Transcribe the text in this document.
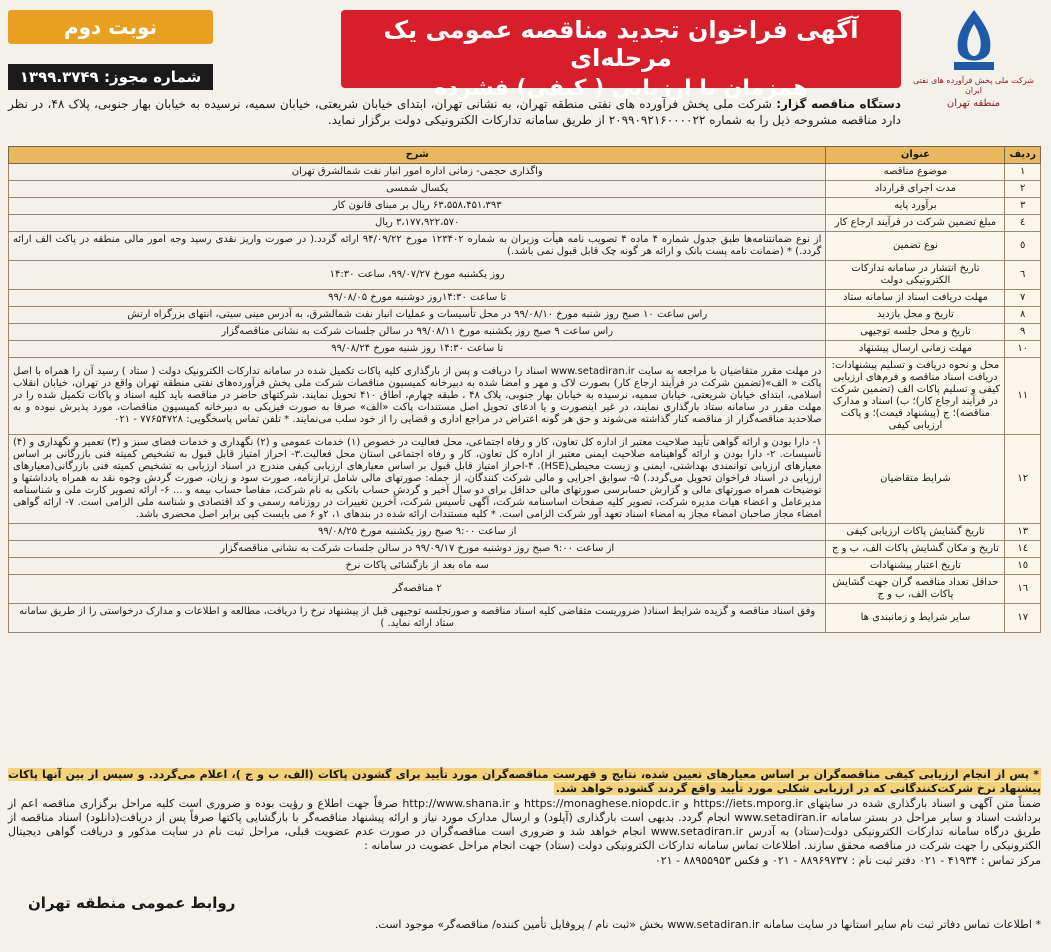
شرکت ملی پخش فرآورده های نفتی ایران
منطقه تهران
آگهی فراخوان تجدید مناقصه عمومی یک مرحله‌ای
همزمان با ارزیابی ( کیفی) فشرده
نوبت دوم
شماره مجوز: ۱۳۹۹.۳۷۴۹
دستگاه مناقصه گزار: شرکت ملی پخش فرآورده های نفتی منطقه تهران، به نشانی تهران، ابتدای خیابان شریعتی، خیابان سمیه، نرسیده به خیابان بهار جنوبی، پلاک ۴۸، در نظر دارد مناقصه مشروحه ذیل را به شماره ۲۰۹۹۰۹۲۱۶۰۰۰۰۲۲ از طریق سامانه تدارکات الکترونیکی دولت برگزار نماید.
ردیف	عنوان	شرح
۱	موضوع مناقصه	واگذاری حجمی- زمانی اداره امور انبار نفت شمالشرق تهران
۲	مدت اجرای قرارداد	یکسال شمسی
۳	برآورد پایه	۶۳،۵۵۸،۴۵۱،۳۹۳ ریال بر مبنای قانون کار
٤	مبلغ تضمین شرکت در فرآیند ارجاع کار	۳،۱۷۷،۹۲۲،۵۷۰ ریال
٥	نوع تضمین	از نوع ضمانتنامه‌ها طبق جدول شماره ۴ ماده ۴ تصویب نامه هیأت وزیران به شماره ۱۲۳۴۰۲ مورخ ۹۴/۰۹/۲۲ ارائه گردد.( در صورت واریز نقدی رسید وجه امور مالی منطقه در پاکت الف ارائه گردد.) * (ضمانت نامه پست بانک و ارائه هر گونه چک قابل قبول نمی باشد.)
٦	تاریخ انتشار در سامانه تدارکات الکترونیکی دولت	روز یکشنبه مورخ ۹۹/۰۷/۲۷، ساعت ۱۴:۳۰
۷	مهلت دریافت اسناد از سامانه ستاد	تا ساعت ۱۴:۳۰روز دوشنبه مورخ ۹۹/۰۸/۰۵
۸	تاریخ و محل بازدید	راس ساعت ۱۰ صبح روز شنبه مورخ ۹۹/۰۸/۱۰ در محل تأسیسات و عملیات انبار نفت شمالشرق، به آدرس مینی سیتی، انتهای بزرگراه ارتش
۹	تاریخ و محل جلسه توجیهی	راس ساعت ۹ صبح روز یکشنبه مورخ ۹۹/۰۸/۱۱ در سالن جلسات شرکت به نشانی مناقصه‌گزار
۱۰	مهلت زمانی ارسال پیشنهاد	تا ساعت ۱۴:۳۰ روز شنبه مورخ ۹۹/۰۸/۲۴
۱۱	محل و نحوه دریافت و تسلیم پیشنهادات: دریافت اسناد مناقصه و فرم‌های ارزیابی کیفی و تسلیم پاکات الف (تضمین شرکت در فرآیند ارجاع کار)؛ ب) اسناد و مدارک مناقصه)؛ ج (پیشنهاد قیمت)؛ و پاکت ارزیابی کیفی	در مهلت مقرر متقاضیان با مراجعه به سایت www.setadiran.ir اسناد را دریافت و پس از بارگذاری کلیه پاکات تکمیل شده در سامانه تدارکات الکترونیک دولت ( ستاد ) رسید آن را همراه با اصل پاکت « الف»(تضمین شرکت در فرآیند ارجاع کار) بصورت لاک و مهر و امضا شده به دبیرخانه کمیسیون مناقصات شرکت ملی پخش فرآورده‌های نفتی منطقه تهران واقع در تهران، خیابان انقلاب اسلامی، ابتدای خیابان شریعتی، خیابان سمیه، نرسیده به خیابان بهار جنوبی، پلاک ۴۸ ، طبقه چهارم، اطاق ۴۱۰ تحویل نمایند. شرکتهای حاضر در مناقصه باید کلیه اسناد و پاکات تکمیل شده را در مهلت مقرر در سامانه ستاد بارگذاری نمایند، در غیر اینصورت و یا ادعای تحویل اصل مستندات پاکت «الف» صرفا به صورت فیزیکی به دبیرخانه کمیسیون مناقصات، مورد پذیرش نبوده و به صلاحدید مناقصه‌گزار از مناقصه کنار گذاشته می‌شوند و حق هر گونه اعتراض در مراجع اداری و قضایی را از خود سلب می‌نمایند. * تلفن تماس پاسخگویی: ۷۷۶۵۴۷۲۸ - ۰۲۱
۱۲	شرایط متقاضیان	۱- دارا بودن و ارائه گواهی تأیید صلاحیت معتبر از اداره کل تعاون، کار و رفاه اجتماعی، محل فعالیت در خصوص (۱) خدمات عمومی و (۲) نگهداری و خدمات فضای سبز و (۳) تعمیر و نگهداری و (۴) تأسیسات. ۲- دارا بودن و ارائه گواهینامه صلاحیت ایمنی معتبر از اداره کل تعاون، کار و رفاه اجتماعی استان محل فعالیت.۳- احراز امتیاز قابل قبول به تشخیص کمیته فنی بازرگانی بر اساس معیارهای ارزیابی توانمندی بهداشتی، ایمنی و زیست محیطی(HSE). ۴-احراز امتیاز قابل قبول بر اساس معیارهای ارزیابی کیفی مندرج در اسناد ارزیابی به تشخیص کمیته فنی بازرگانی(معیارهای ارزیابی در اسناد فراخوان تحویل می‌گردد.) ۵- سوابق اجرایی و مالی شرکت کنندگان، از جمله: صورتهای مالی شامل ترازنامه، صورت سود و زیان، صورت گردش وجوه نقد به همراه یادداشتها و توضیحات همراه صورتهای مالی و گزارش حسابرسی صورتهای مالی حداقل برای دو سال آخیر و گردش حساب بانکی به نام شرکت، مفاصا حساب بیمه و ... ۶- ارائه تصویر کارت ملی و شناسنامه مدیرعامل و اعضاء هیات مدیره شرکت، تصویر کلیه صفحات اساسنامه شرکت، آگهی تأسیس شرکت، آخرین تغییرات در روزنامه رسمی و کد اقتصادی و شناسه ملی الزامی است. ۷- ارائه گواهی امضاء مجاز صاحبان امضاء مجاز به امضاء اسناد تعهد آور شرکت الزامی است. * کلیه مستندات ارائه شده در بندهای ۱، ۲و ۶ می بایست کپی برابر اصل محضری باشد.
۱۳	تاریخ گشایش پاکات ارزیابی کیفی	از ساعت ۹:۰۰ صبح روز یکشنبه مورخ ۹۹/۰۸/۲۵
۱٤	تاریخ و مکان گشایش پاکات الف، ب و ج	از ساعت ۹:۰۰ صبح روز دوشنبه مورخ ۹۹/۰۹/۱۷ در سالن جلسات شرکت به نشانی مناقصه‌گزار
۱٥	تاریخ اعتبار پیشنهادات	سه ماه بعد از بازگشائی پاکات نرخ
۱٦	حداقل تعداد مناقصه گران جهت گشایش پاکات الف، ب و ج	۲ مناقصه‌گر
۱۷	سایر شرایط و زمانبندی ها	وفق اسناد مناقصه و گزیده شرایط اسناد( ضروریست متقاضی کلیه اسناد مناقصه و صورتجلسه توجیهی قبل از پیشنهاد نرخ را دریافت، مطالعه و اطلاعات و مدارک درخواستی را از طریق سامانه ستاد ارائه نماید. )

* پس از انجام ارزیابی کیفی مناقصه‌گران بر اساس معیارهای تعیین شده، نتایج و فهرست مناقصه‌گران مورد تأیید برای گشودن پاکات (الف، ب و ج )، اعلام می‌گردد. و سپس از بین آنها پاکات پیشنهاد نرخ شرکت‌کنندگانی که در ارزیابی شکلی مورد تأیید واقع گردند گشوده خواهد شد.

ضمناً متن آگهی و اسناد بارگذاری شده در سایتهای https://iets.mporg.ir و https://monaghese.niopdc.ir و http://www.shana.ir صرفاً جهت اطلاع و رؤیت بوده و ضروری است کلیه مراحل برگزاری مناقصه اعم از برداشت اسناد و سایر مراحل در بستر سامانه www.setadiran.ir انجام گردد. بدیهی است بارگذاری (آپلود) و ارسال مدارک مورد نیاز و ارائه پیشنهاد مناقصه‌گر با بارگشایی پاکتها صرفاً پس از دریافت(دانلود) اسناد مناقصه از طریق درگاه سامانه تدارکات الکترونیکی دولت(ستاد) به آدرس www.setadiran.ir انجام خواهد شد و ضروری است مناقصه‌گران در صورت عدم عضویت قبلی، مراحل ثبت نام در سایت مذکور و دریافت گواهی دیجیتال الکترونیکی را جهت شرکت در مناقصه محقق سازند. اطلاعات تماس سامانه تدارکات الکترونیکی دولت (ستاد) جهت انجام مراحل عضویت در سامانه :

مرکز تماس : ۴۱۹۳۴ - ۰۲۱ دفتر ثبت نام : ۸۸۹۶۹۷۳۷ - ۰۲۱ و فکس ۸۸۹۵۵۹۵۳ - ۰۲۱

روابط عمومی منطقه تهران
* اطلاعات تماس دفاتر ثبت نام سایر استانها در سایت سامانه www.setadiran.ir بخش «ثبت نام / پروفایل تأمین کننده/ مناقصه‌گر» موجود است.
